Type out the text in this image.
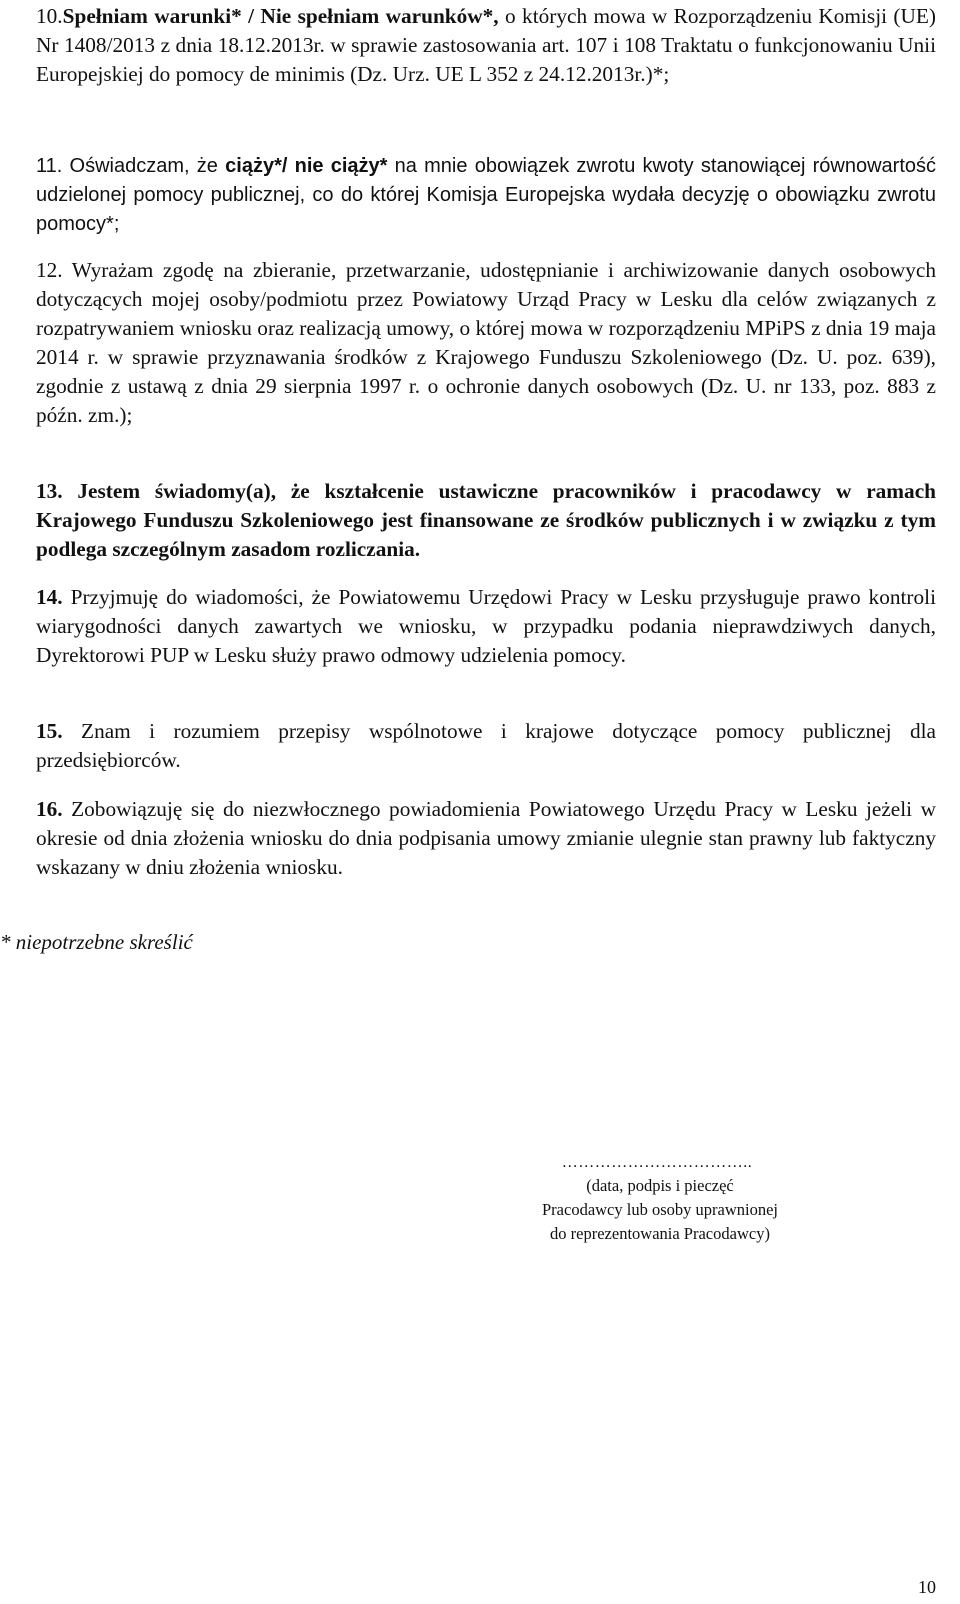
10.Spełniam warunki* / Nie spełniam warunków*, o których mowa w Rozporządzeniu Komisji (UE) Nr 1408/2013 z dnia 18.12.2013r. w sprawie zastosowania art. 107 i 108 Traktatu o funkcjonowaniu Unii Europejskiej do pomocy de minimis (Dz. Urz. UE L 352 z 24.12.2013r.)*;

11. Oświadczam, że ciąży*/ nie ciąży* na mnie obowiązek zwrotu kwoty stanowiącej równowartość udzielonej pomocy publicznej, co do której Komisja Europejska wydała decyzję o obowiązku zwrotu pomocy*;

12. Wyrażam zgodę na zbieranie, przetwarzanie, udostępnianie i archiwizowanie danych osobowych dotyczących mojej osoby/podmiotu przez Powiatowy Urząd Pracy w Lesku dla celów związanych z rozpatrywaniem wniosku oraz realizacją umowy, o której mowa w rozporządzeniu MPiPS z dnia 19 maja 2014 r. w sprawie przyznawania środków z Krajowego Funduszu Szkoleniowego (Dz. U. poz. 639), zgodnie z ustawą z dnia 29 sierpnia 1997 r. o ochronie danych osobowych (Dz. U. nr 133, poz. 883 z późn. zm.);

13. Jestem świadomy(a), że kształcenie ustawiczne pracowników i pracodawcy w ramach Krajowego Funduszu Szkoleniowego jest finansowane ze środków publicznych i w związku z tym podlega szczególnym zasadom rozliczania.

14. Przyjmuję do wiadomości, że Powiatowemu Urzędowi Pracy w Lesku przysługuje prawo kontroli wiarygodności danych zawartych we wniosku, w przypadku podania nieprawdziwych danych, Dyrektorowi PUP w Lesku służy prawo odmowy udzielenia pomocy.

15. Znam i rozumiem przepisy wspólnotowe i krajowe dotyczące pomocy publicznej dla przedsiębiorców.

16. Zobowiązuję się do niezwłocznego powiadomienia Powiatowego Urzędu Pracy w Lesku jeżeli w okresie od dnia złożenia wniosku do dnia podpisania umowy zmianie ulegnie stan prawny lub faktyczny wskazany w dniu złożenia wniosku.

* niepotrzebne skreślić

……………………………..
(data, podpis i pieczęć
Pracodawcy lub osoby uprawnionej
do reprezentowania Pracodawcy)
10
